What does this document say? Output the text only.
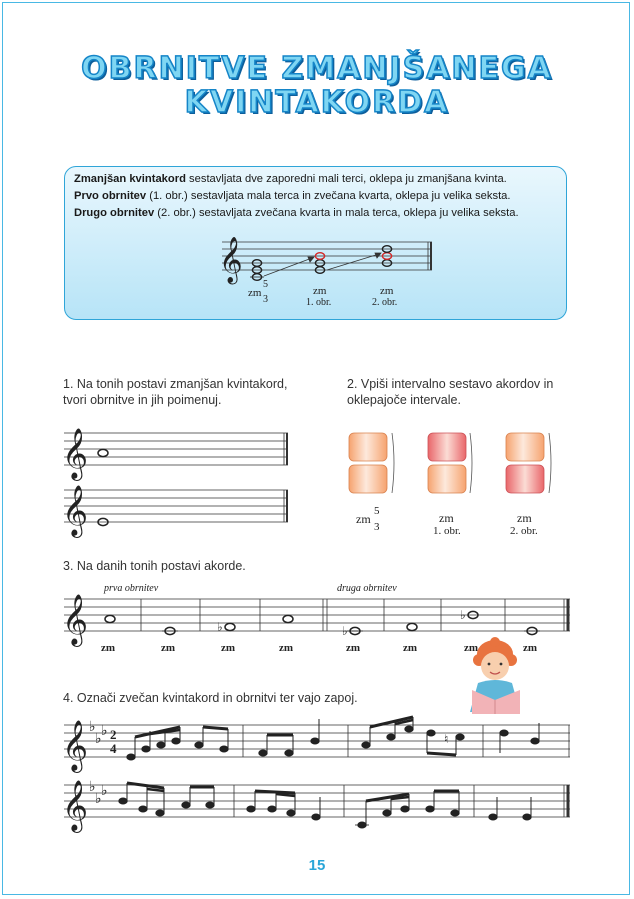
OBRNITVE ZMANJŠANEGA
KVINTAKORDA
Zmanjšan kvintakord sestavljata dve zaporedni mali terci, oklepa ju zmanjšana kvinta.
Prvo obrnitev (1. obr.) sestavljata mala terca in zvečana kvarta, oklepa ju velika seksta.
Drugo obrnitev (2. obr.) sestavljata zvečana kvarta in mala terca, oklepa ju velika seksta.
1. Na tonih postavi zmanjšan kvintakord,
tvori obrnitve in jih poimenuj.
2. Vpiši intervalno sestavo akordov in
oklepajoče intervale.
3. Na danih tonih postavi akorde.
4. Označi zvečan kvintakord in obrnitvi ter vajo zapoj.
𝄞
zm
5
3
zm
1. obr.
zm
2. obr.
𝄞
𝄞	zm
5
3
zm
1. obr.
zm
2. obr.
prva obrnitev	druga obrnitev
𝄞	♭	♭
♭
zm	zm	zm	zm	zm	zm	zm	zm
𝄞 ♭
♭ ♭ 2
4
♮
𝄞 ♭
♭ ♭
15
